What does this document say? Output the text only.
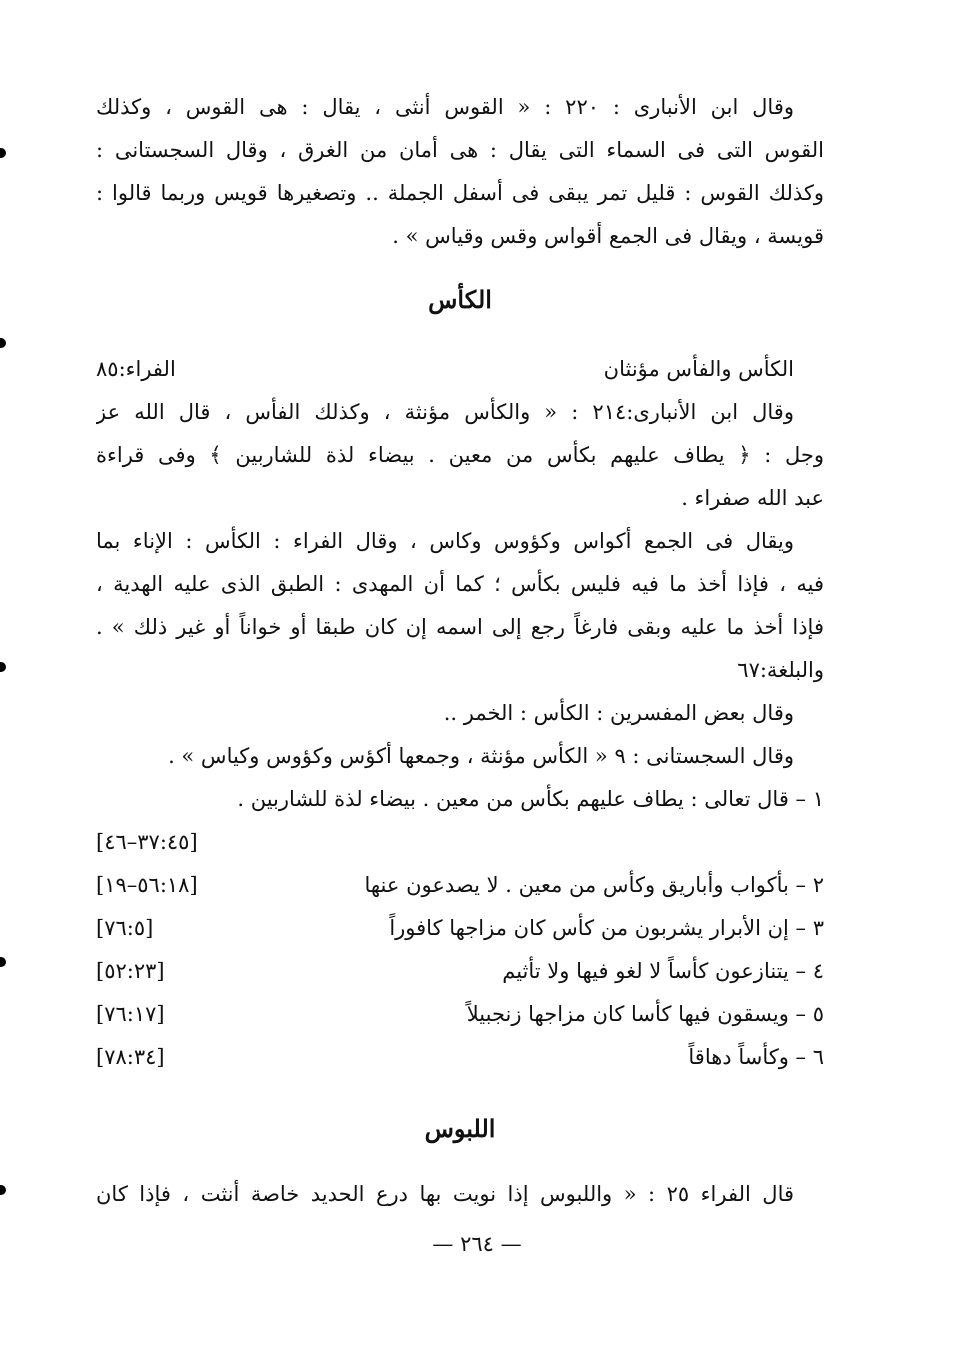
وقال ابن الأنبارى : ٢٢٠ : « القوس أنثى ، يقال : هى القوس ، وكذلك
القوس التى فى السماء التى يقال : هى أمان من الغرق ، وقال السجستانى :
وكذلك القوس : قليل تمر يبقى فى أسفل الجملة .. وتصغيرها قويس وربما قالوا :
قويسة ، ويقال فى الجمع أقواس وقس وقياس » .
الكأس
الكأس والفأس مؤنثان
الفراء:٨٥
وقال ابن الأنبارى:٢١٤ : « والكأس مؤنثة ، وكذلك الفأس ، قال الله عز
وجل : ﴿ يطاف عليهم بكأس من معين . بيضاء لذة للشاربين ﴾ وفى قراءة
عبد الله صفراء .
ويقال فى الجمع أكواس وكؤوس وكاس ، وقال الفراء : الكأس : الإناء بما
فيه ، فإذا أخذ ما فيه فليس بكأس ؛ كما أن المهدى : الطبق الذى عليه الهدية ،
فإذا أخذ ما عليه وبقى فارغاً رجع إلى اسمه إن كان طبقا أو خواناً أو غير ذلك » .
والبلغة:٦٧
وقال بعض المفسرين : الكأس : الخمر ..
وقال السجستانى : ٩ « الكأس مؤنثة ، وجمعها أكؤس وكؤوس وكياس » .
١ – قال تعالى : يطاف عليهم بكأس من معين . بيضاء لذة للشاربين .
[٣٧:٤٥–٤٦]
٢ – بأكواب وأباريق وكأس من معين . لا يصدعون عنها
[٥٦:١٨–١٩]
٣ – إن الأبرار يشربون من كأس كان مزاجها كافوراً
[٧٦:٥]
٤ – يتنازعون كأساً لا لغو فيها ولا تأثيم
[٥٢:٢٣]
٥ – ويسقون فيها كأسا كان مزاجها زنجبيلاً
[٧٦:١٧]
٦ – وكأساً دهاقاً
[٧٨:٣٤]
اللبوس
قال الفراء ٢٥ : « واللبوس إذا نويت بها درع الحديد خاصة أنثت ، فإذا كان
— ٢٦٤ —
